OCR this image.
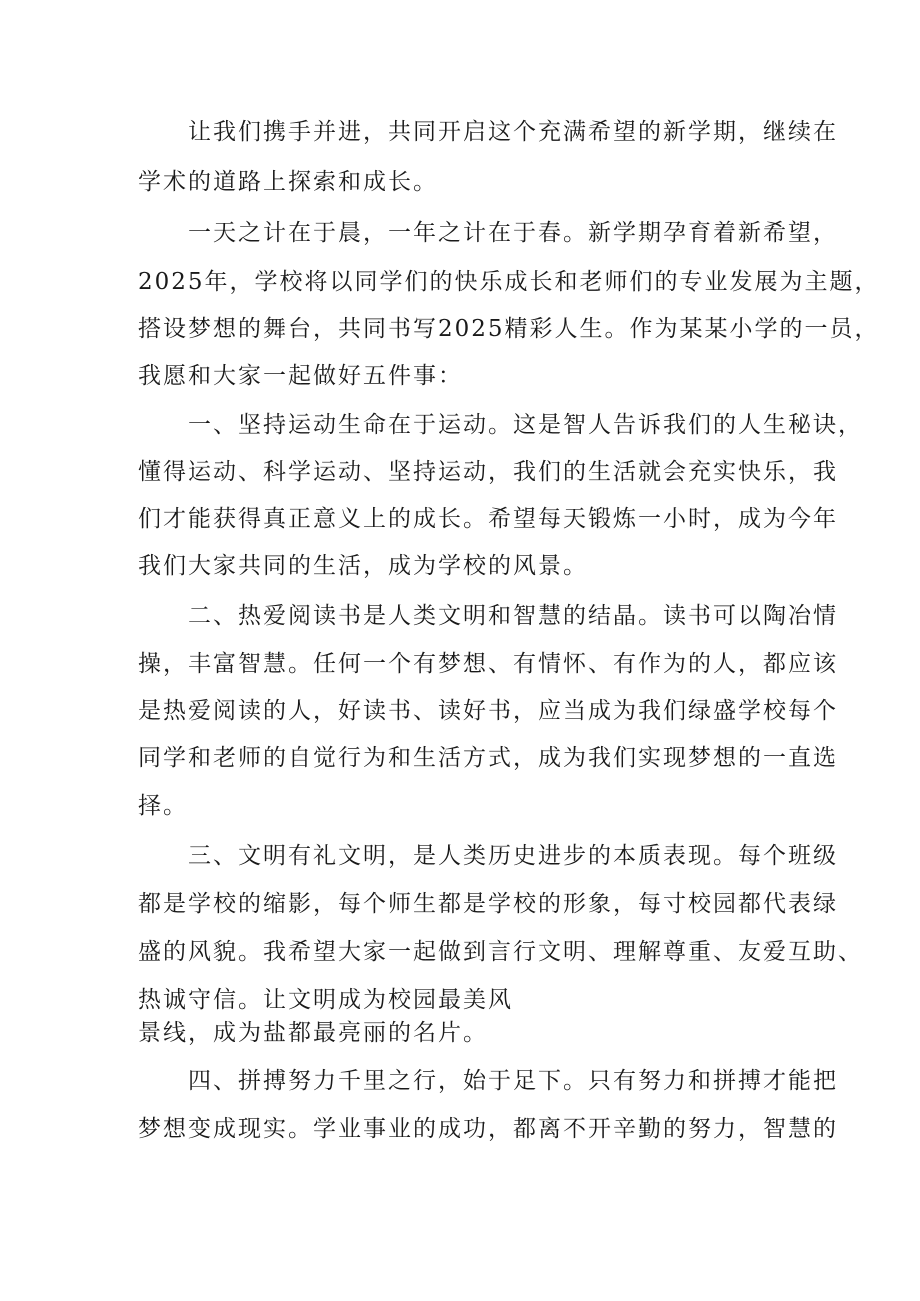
　　让我们携手并进，共同开启这个充满希望的新学期，继续在
学术的道路上探索和成长。
　　一天之计在于晨，一年之计在于春。新学期孕育着新希望，
2025年，学校将以同学们的快乐成长和老师们的专业发展为主题，
搭设梦想的舞台，共同书写2025精彩人生。作为某某小学的一员，
我愿和大家一起做好五件事：
　　一、坚持运动生命在于运动。这是智人告诉我们的人生秘诀，
懂得运动、科学运动、坚持运动，我们的生活就会充实快乐，我
们才能获得真正意义上的成长。希望每天锻炼一小时，成为今年
我们大家共同的生活，成为学校的风景。
　　二、热爱阅读书是人类文明和智慧的结晶。读书可以陶冶情
操，丰富智慧。任何一个有梦想、有情怀、有作为的人，都应该
是热爱阅读的人，好读书、读好书，应当成为我们绿盛学校每个
同学和老师的自觉行为和生活方式，成为我们实现梦想的一直选
择。
　　三、文明有礼文明，是人类历史进步的本质表现。每个班级
都是学校的缩影，每个师生都是学校的形象，每寸校园都代表绿
盛的风貌。我希望大家一起做到言行文明、理解尊重、友爱互助、
热诚守信。让文明成为校园最美风
景线，成为盐都最亮丽的名片。
　　四、拼搏努力千里之行，始于足下。只有努力和拼搏才能把
梦想变成现实。学业事业的成功，都离不开辛勤的努力，智慧的
